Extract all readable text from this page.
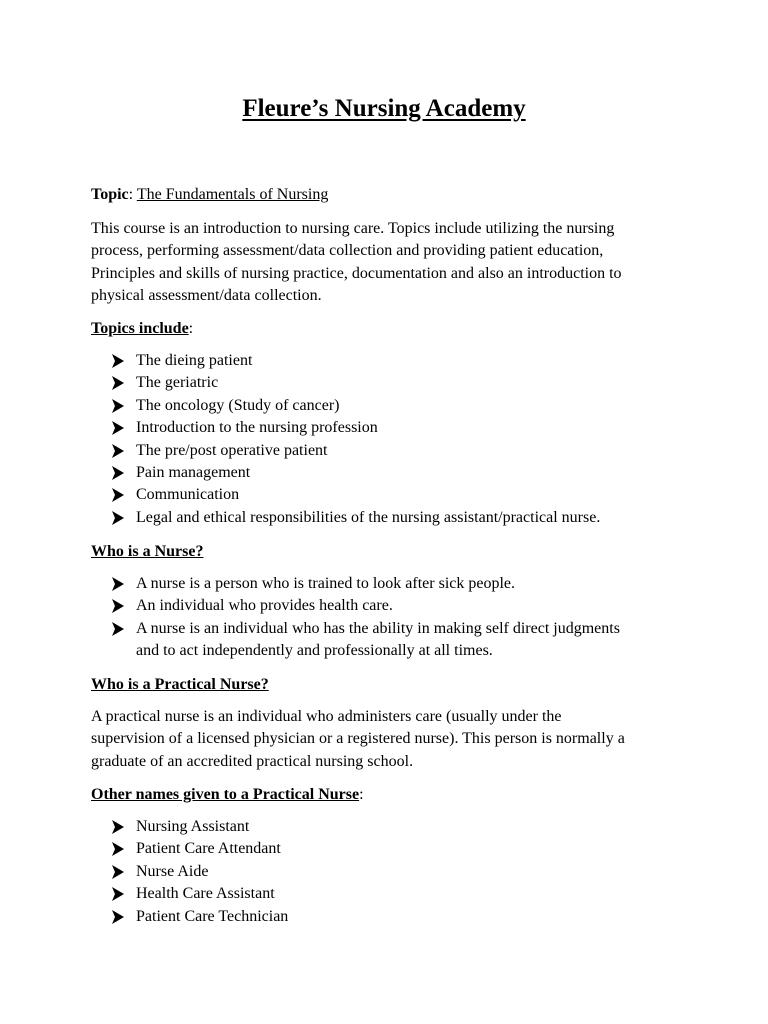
Fleure’s Nursing Academy
Topic: The Fundamentals of Nursing
This course is an introduction to nursing care. Topics include utilizing the nursing
process, performing assessment/data collection and providing patient education,
Principles and skills of nursing practice, documentation and also an introduction to
physical assessment/data collection.
Topics include:
The dieing patient
The geriatric
The oncology (Study of cancer)
Introduction to the nursing profession
The pre/post operative patient
Pain management
Communication
Legal and ethical responsibilities of the nursing assistant/practical nurse.
Who is a Nurse?
A nurse is a person who is trained to look after sick people.
An individual who provides health care.
A nurse is an individual who has the ability in making self direct judgments
and to act independently and professionally at all times.
Who is a Practical Nurse?
A practical nurse is an individual who administers care (usually under the
supervision of a licensed physician or a registered nurse). This person is normally a
graduate of an accredited practical nursing school.
Other names given to a Practical Nurse:
Nursing Assistant
Patient Care Attendant
Nurse Aide
Health Care Assistant
Patient Care Technician
